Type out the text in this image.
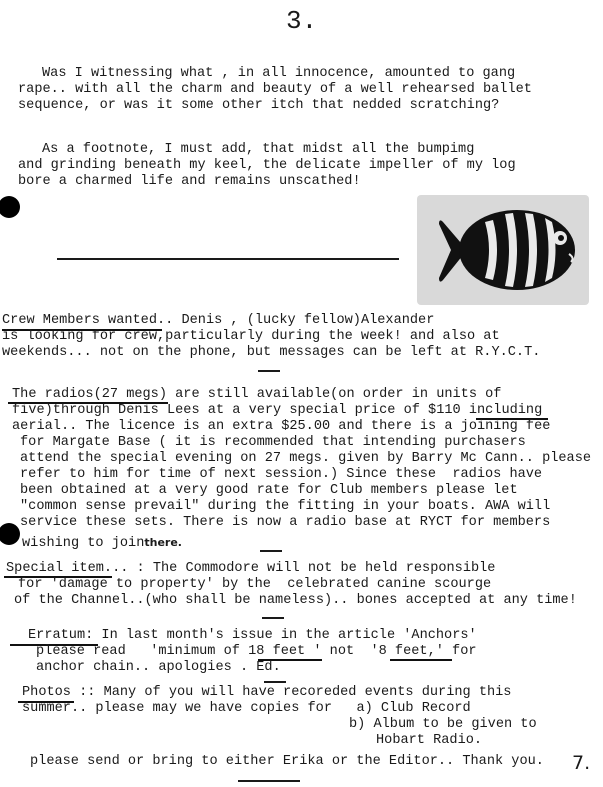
3.
Was I witnessing what , in all innocence, amounted to gang
rape.. with all the charm and beauty of a well rehearsed ballet
sequence, or was it some other itch that nedded scratching?
As a footnote, I must add, that midst all the bumpimg
and grinding beneath my keel, the delicate impeller of my log
bore a charmed life and remains unscathed!
Crew Members wanted.. Denis , (lucky fellow)Alexander
is looking for crew,particularly during the week! and also at
weekends... not on the phone, but messages can be left at R.Y.C.T.
The radios(27 megs) are still available(on order in units of
five)through Denis Lees at a very special price of $110 including
aerial.. The licence is an extra $25.00 and there is a joining fee
for Margate Base ( it is recommended that intending purchasers
attend the special evening on 27 megs. given by Barry Mc Cann.. please
refer to him for time of next session.) Since these  radios have
been obtained at a very good rate for Club members please let
"common sense prevail" during the fitting in your boats. AWA will
service these sets. There is now a radio base at RYCT for members
wishing to jointhere.
Special item... : The Commodore will not be held responsible
for 'damage to property' by the  celebrated canine scourge
of the Channel..(who shall be nameless).. bones accepted at any time!
Erratum: In last month's issue in the article 'Anchors'
please read   'minimum of 18 feet ' not  '8 feet,' for
anchor chain.. apologies . Ed.
Photos :: Many of you will have recoreded events during this
summer.. please may we have copies for   a) Club Record
b) Album to be given to
Hobart Radio.
please send or bring to either Erika or the Editor.. Thank you. 7.
